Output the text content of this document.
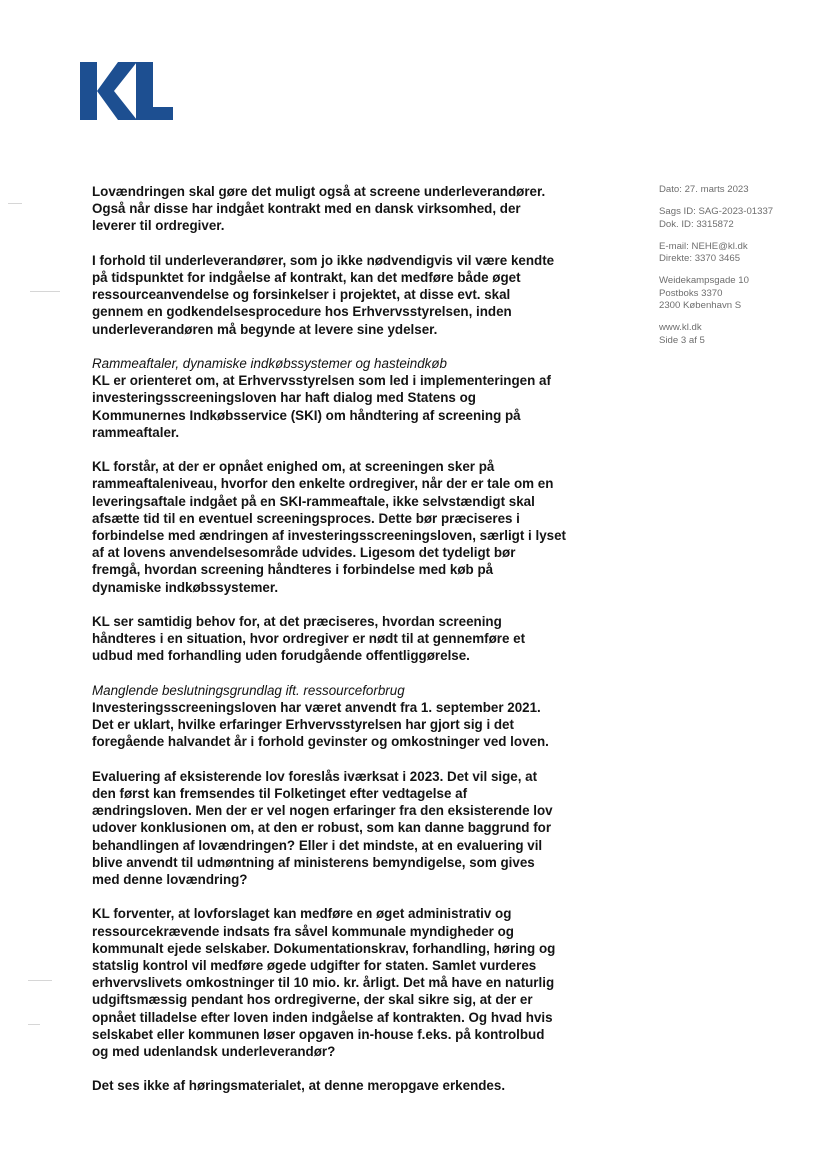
Dato: 27. marts 2023
Sags ID: SAG-2023-01337
Dok. ID: 3315872
E-mail: NEHE@kl.dk
Direkte: 3370 3465
Weidekampsgade 10
Postboks 3370
2300 København S
www.kl.dk
Side 3 af 5

Lovændringen skal gøre det muligt også at screene underleverandører.
Også når disse har indgået kontrakt med en dansk virksomhed, der
leverer til ordregiver.

I forhold til underleverandører, som jo ikke nødvendigvis vil være kendte
på tidspunktet for indgåelse af kontrakt, kan det medføre både øget
ressourceanvendelse og forsinkelser i projektet, at disse evt. skal
gennem en godkendelsesprocedure hos Erhvervsstyrelsen, inden
underleverandøren må begynde at levere sine ydelser.

Rammeaftaler, dynamiske indkøbssystemer og hasteindkøb

KL er orienteret om, at Erhvervsstyrelsen som led i implementeringen af
investeringsscreeningsloven har haft dialog med Statens og
Kommunernes Indkøbsservice (SKI) om håndtering af screening på
rammeaftaler.

KL forstår, at der er opnået enighed om, at screeningen sker på
rammeaftaleniveau, hvorfor den enkelte ordregiver, når der er tale om en
leveringsaftale indgået på en SKI-rammeaftale, ikke selvstændigt skal
afsætte tid til en eventuel screeningsproces. Dette bør præciseres i
forbindelse med ændringen af investeringsscreeningsloven, særligt i lyset
af at lovens anvendelsesområde udvides. Ligesom det tydeligt bør
fremgå, hvordan screening håndteres i forbindelse med køb på
dynamiske indkøbssystemer.

KL ser samtidig behov for, at det præciseres, hvordan screening
håndteres i en situation, hvor ordregiver er nødt til at gennemføre et
udbud med forhandling uden forudgående offentliggørelse.

Manglende beslutningsgrundlag ift. ressourceforbrug

Investeringsscreeningsloven har været anvendt fra 1. september 2021.
Det er uklart, hvilke erfaringer Erhvervsstyrelsen har gjort sig i det
foregående halvandet år i forhold gevinster og omkostninger ved loven.

Evaluering af eksisterende lov foreslås iværksat i 2023. Det vil sige, at
den først kan fremsendes til Folketinget efter vedtagelse af
ændringsloven. Men der er vel nogen erfaringer fra den eksisterende lov
udover konklusionen om, at den er robust, som kan danne baggrund for
behandlingen af lovændringen? Eller i det mindste, at en evaluering vil
blive anvendt til udmøntning af ministerens bemyndigelse, som gives
med denne lovændring?

KL forventer, at lovforslaget kan medføre en øget administrativ og
ressourcekrævende indsats fra såvel kommunale myndigheder og
kommunalt ejede selskaber. Dokumentationskrav, forhandling, høring og
statslig kontrol vil medføre øgede udgifter for staten. Samlet vurderes
erhvervslivets omkostninger til 10 mio. kr. årligt. Det må have en naturlig
udgiftsmæssig pendant hos ordregiverne, der skal sikre sig, at der er
opnået tilladelse efter loven inden indgåelse af kontrakten. Og hvad hvis
selskabet eller kommunen løser opgaven in-house f.eks. på kontrolbud
og med udenlandsk underleverandør?

Det ses ikke af høringsmaterialet, at denne meropgave erkendes.
